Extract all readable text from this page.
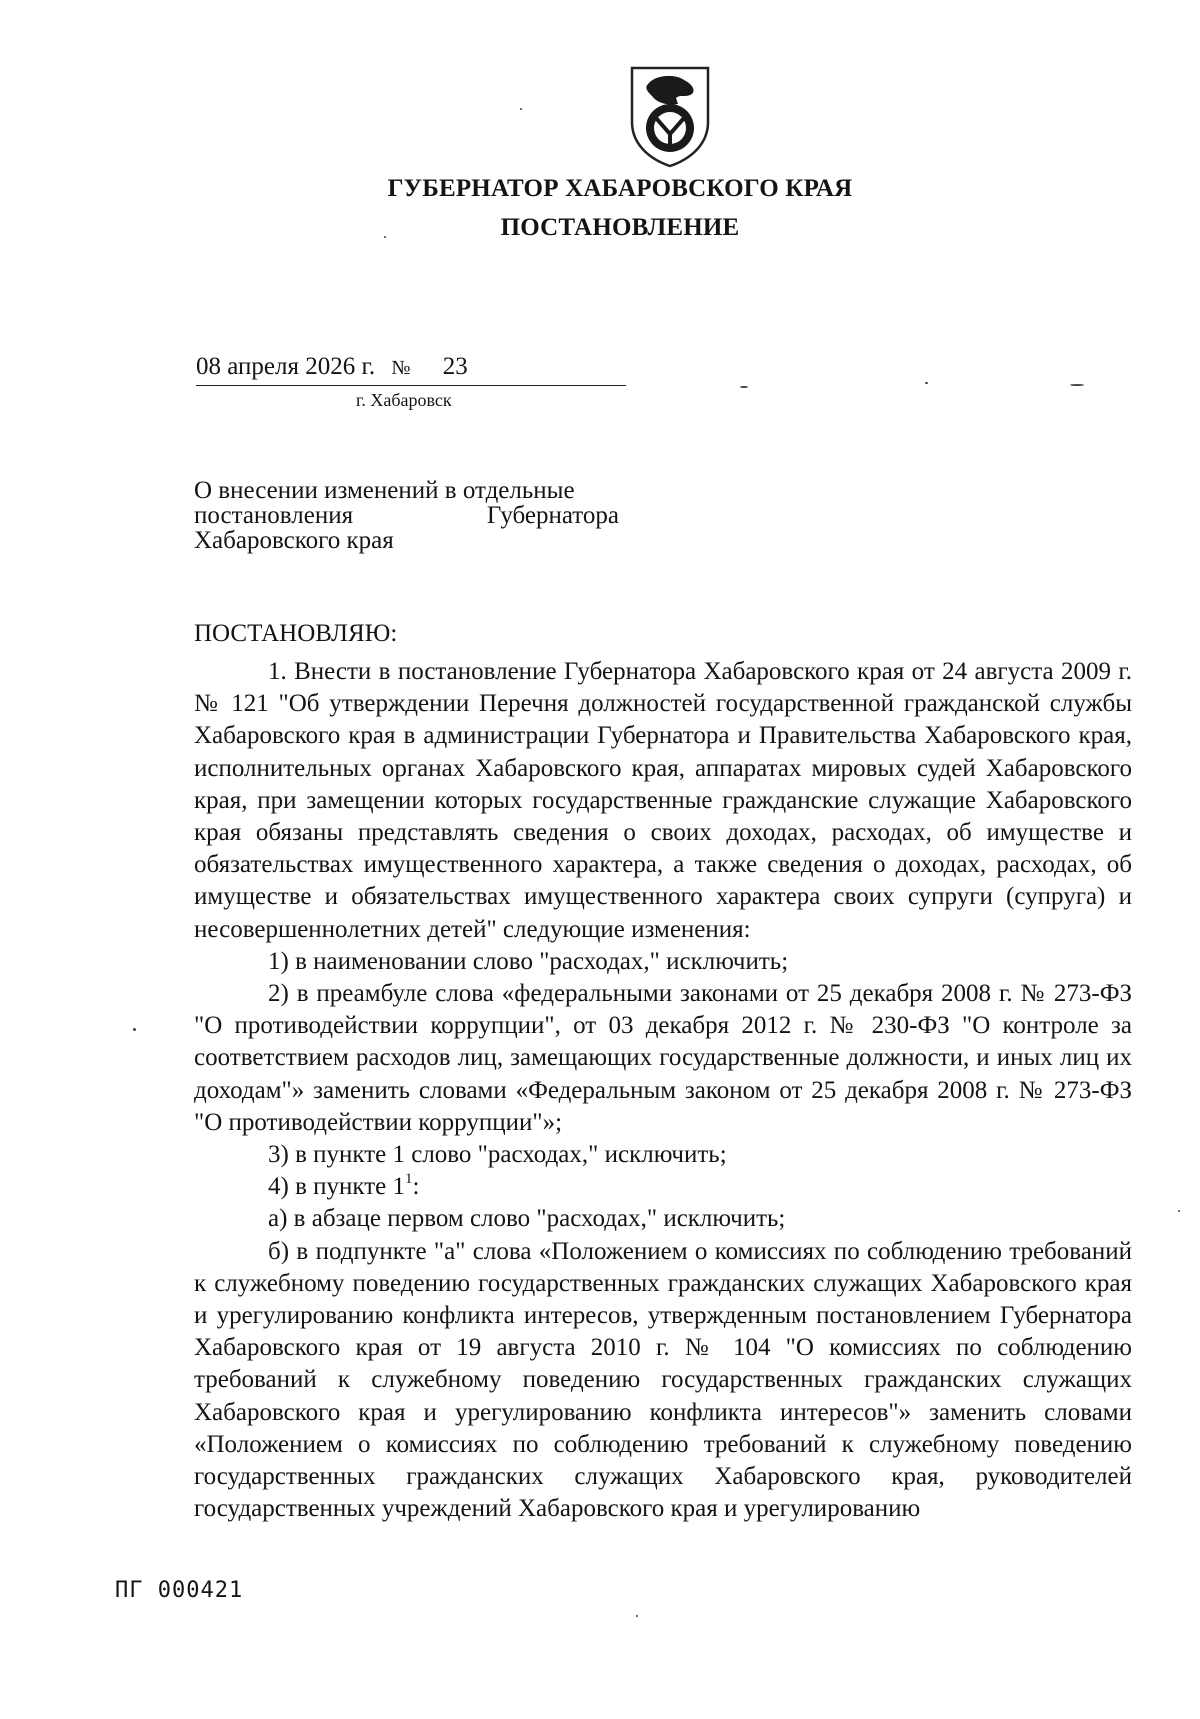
ГУБЕРНАТОР ХАБАРОВСКОГО КРАЯ
ПОСТАНОВЛЕНИЕ
08 апреля 2026 г. № 23
г. Хабаровск
О внесении изменений в отдельные
постановления	Губернатора
Хабаровского края
ПОСТАНОВЛЯЮ:

1. Внести в постановление Губернатора Хабаровского края от 24 августа 2009 г. № 121 "Об утверждении Перечня должностей государственной гражданской службы Хабаровского края в администрации Губернатора и Правительства Хабаровского края, исполнительных органах Хабаровского края, аппаратах мировых судей Хабаровского края, при замещении которых государственные гражданские служащие Хабаровского края обязаны представлять сведения о своих доходах, расходах, об имуществе и обязательствах имущественного характера, а также сведения о доходах, расходах, об имуществе и обязательствах имущественного характера своих супруги (супруга) и несовершеннолетних детей" следующие изменения:

1) в наименовании слово "расходах," исключить;

2) в преамбуле слова «федеральными законами от 25 декабря 2008 г. № 273-ФЗ "О противодействии коррупции", от 03 декабря 2012 г. № 230-ФЗ "О контроле за соответствием расходов лиц, замещающих государственные должности, и иных лиц их доходам"» заменить словами «Федеральным законом от 25 декабря 2008 г. № 273-ФЗ "О противодействии коррупции"»;

3) в пункте 1 слово "расходах," исключить;

4) в пункте $1^1$:

а) в абзаце первом слово "расходах," исключить;

б) в подпункте "а" слова «Положением о комиссиях по соблюдению требований к служебному поведению государственных гражданских служащих Хабаровского края и урегулированию конфликта интересов, утвержденным постановлением Губернатора Хабаровского края от 19 августа 2010 г. № 104 "О комиссиях по соблюдению требований к служебному поведению государственных гражданских служащих Хабаровского края и урегулированию конфликта интересов"» заменить словами «Положением о комиссиях по соблюдению требований к служебному поведению государственных гражданских служащих Хабаровского края, руководителей государственных учреждений Хабаровского края и урегулированию

ПГ 000421
